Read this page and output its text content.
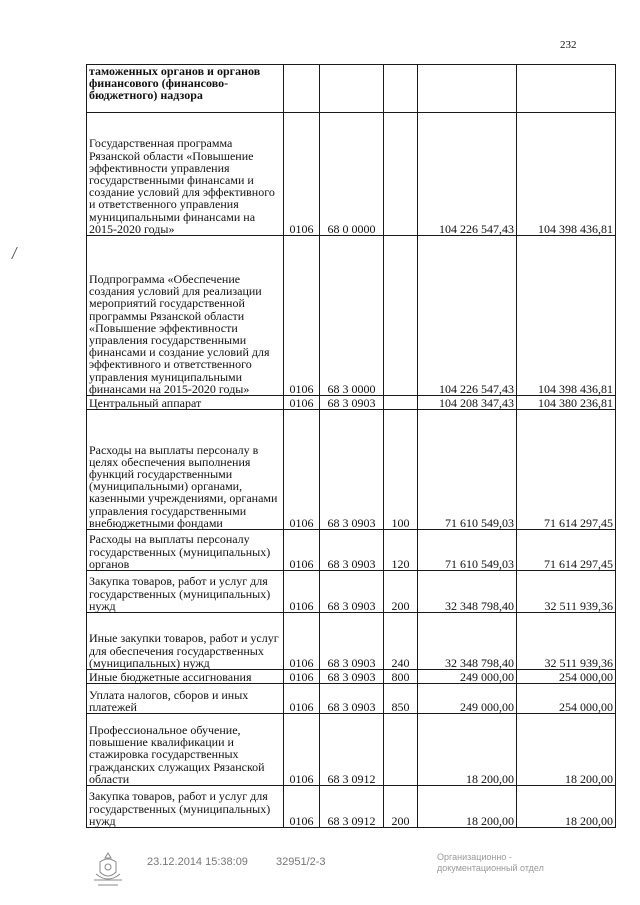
232
таможенных органов и органов финансового (финансово-бюджетного) надзора					
Государственная программа Рязанской области «Повышение эффективности управления государственными финансами и создание условий для эффективного и ответственного управления муниципальными финансами на 2015-2020 годы»	0106	68 0 0000		104 226 547,43	104 398 436,81
Подпрограмма «Обеспечение создания условий для реализации мероприятий государственной программы Рязанской области «Повышение эффективности управления государственными финансами и создание условий для эффективного и ответственного управления муниципальными финансами на 2015-2020 годы»	0106	68 3 0000		104 226 547,43	104 398 436,81
Центральный аппарат	0106	68 3 0903		104 208 347,43	104 380 236,81
Расходы на выплаты персоналу в целях обеспечения выполнения функций государственными (муниципальными) органами, казенными учреждениями, органами управления государственными внебюджетными фондами	0106	68 3 0903	100	71 610 549,03	71 614 297,45
Расходы на выплаты персоналу государственных (муниципальных) органов	0106	68 3 0903	120	71 610 549,03	71 614 297,45
Закупка товаров, работ и услуг для государственных (муниципальных) нужд	0106	68 3 0903	200	32 348 798,40	32 511 939,36
Иные закупки товаров, работ и услуг для обеспечения государственных (муниципальных) нужд	0106	68 3 0903	240	32 348 798,40	32 511 939,36
Иные бюджетные ассигнования	0106	68 3 0903	800	249 000,00	254 000,00
Уплата налогов, сборов и иных платежей	0106	68 3 0903	850	249 000,00	254 000,00
Профессиональное обучение, повышение квалификации и стажировка государственных гражданских служащих Рязанской области	0106	68 3 0912		18 200,00	18 200,00
Закупка товаров, работ и услуг для государственных (муниципальных) нужд	0106	68 3 0912	200	18 200,00	18 200,00
23.12.2014 15:38:09	32951/2-3	Организационно -
документационный отдел
